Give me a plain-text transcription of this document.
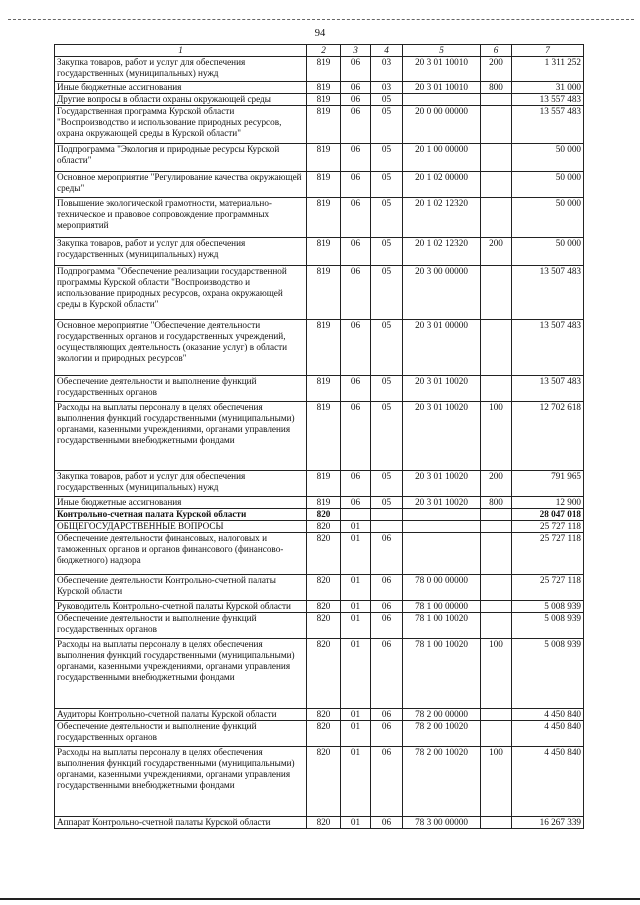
94
1	2	3	4	5	6	7
Закупка товаров, работ и услуг для обеспечения государственных (муниципальных) нужд	819	06	03	20 3 01 10010	200	1 311 252
Иные бюджетные ассигнования	819	06	03	20 3 01 10010	800	31 000
Другие вопросы в области охраны окружающей среды	819	06	05			13 557 483
Государственная программа Курской области "Воспроизводство и использование природных ресурсов, охрана окружающей среды в Курской области"	819	06	05	20 0 00 00000		13 557 483
Подпрограмма "Экология и природные ресурсы Курской области"	819	06	05	20 1 00 00000		50 000
Основное мероприятие "Регулирование качества окружающей среды"	819	06	05	20 1 02 00000		50 000
Повышение экологической грамотности, материально-техническое и правовое сопровождение программных мероприятий	819	06	05	20 1 02 12320		50 000
Закупка товаров, работ и услуг для обеспечения государственных (муниципальных) нужд	819	06	05	20 1 02 12320	200	50 000
Подпрограмма "Обеспечение реализации государственной программы Курской области "Воспроизводство и использование природных ресурсов, охрана окружающей среды в Курской области"	819	06	05	20 3 00 00000		13 507 483
Основное мероприятие "Обеспечение деятельности государственных органов и государственных учреждений, осуществляющих деятельность (оказание услуг) в области экологии и природных ресурсов"	819	06	05	20 3 01 00000		13 507 483
Обеспечение деятельности и выполнение функций государственных органов	819	06	05	20 3 01 10020		13 507 483
Расходы на выплаты персоналу в целях обеспечения выполнения функций государственными (муниципальными) органами, казенными учреждениями, органами управления государственными внебюджетными фондами	819	06	05	20 3 01 10020	100	12 702 618
Закупка товаров, работ и услуг для обеспечения государственных (муниципальных) нужд	819	06	05	20 3 01 10020	200	791 965
Иные бюджетные ассигнования	819	06	05	20 3 01 10020	800	12 900
Контрольно-счетная палата Курской области	820					28 047 018
ОБЩЕГОСУДАРСТВЕННЫЕ ВОПРОСЫ	820	01				25 727 118
Обеспечение деятельности финансовых, налоговых и таможенных органов и органов финансового (финансово-бюджетного) надзора	820	01	06			25 727 118
Обеспечение деятельности Контрольно-счетной палаты Курской области	820	01	06	78 0 00 00000		25 727 118
Руководитель Контрольно-счетной палаты Курской области	820	01	06	78 1 00 00000		5 008 939
Обеспечение деятельности и выполнение функций государственных органов	820	01	06	78 1 00 10020		5 008 939
Расходы на выплаты персоналу в целях обеспечения выполнения функций государственными (муниципальными) органами, казенными учреждениями, органами управления государственными внебюджетными фондами	820	01	06	78 1 00 10020	100	5 008 939
Аудиторы Контрольно-счетной палаты Курской области	820	01	06	78 2 00 00000		4 450 840
Обеспечение деятельности и выполнение функций государственных органов	820	01	06	78 2 00 10020		4 450 840
Расходы на выплаты персоналу в целях обеспечения выполнения функций государственными (муниципальными) органами, казенными учреждениями, органами управления государственными внебюджетными фондами	820	01	06	78 2 00 10020	100	4 450 840
Аппарат Контрольно-счетной палаты Курской области	820	01	06	78 3 00 00000		16 267 339
